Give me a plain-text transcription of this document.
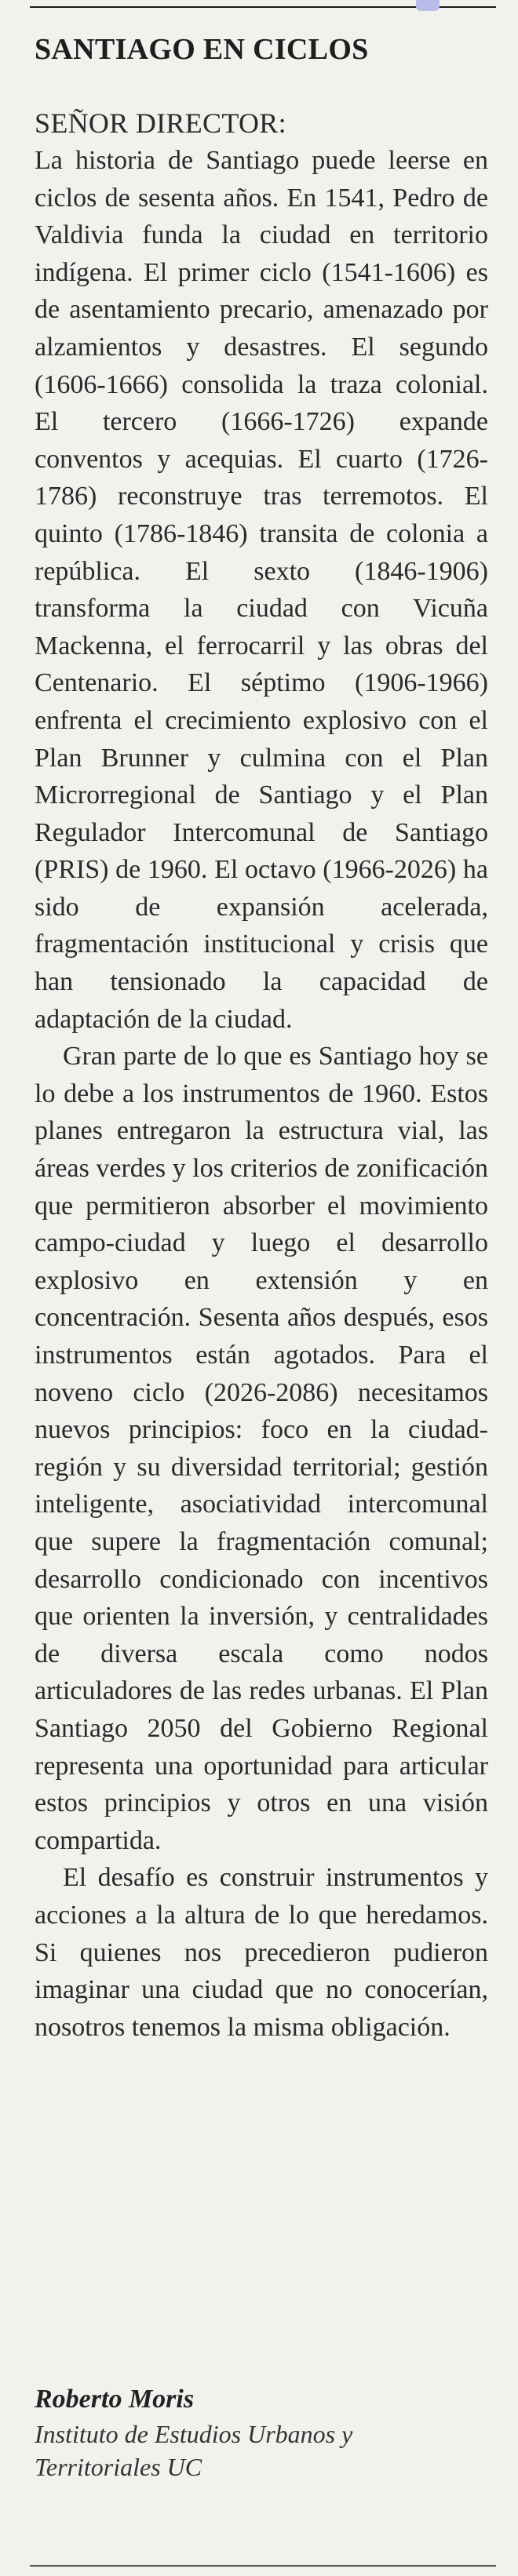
SANTIAGO EN CICLOS
SEÑOR DIRECTOR:

La historia de Santiago puede leerse en ciclos de sesenta años. En 1541, Pedro de Valdivia funda la ciudad en territorio indígena. El primer ciclo (1541-1606) es de asentamiento precario, amenazado por alzamientos y desastres. El segundo (1606-1666) consolida la traza colonial. El tercero (1666-1726) expande conventos y acequias. El cuarto (1726-1786) reconstruye tras terremotos. El quinto (1786-1846) transita de colonia a república. El sexto (1846-1906) transforma la ciudad con Vicuña Mackenna, el ferrocarril y las obras del Centenario. El séptimo (1906-1966) enfrenta el crecimiento explosivo con el Plan Brunner y culmina con el Plan Microrregional de Santiago y el Plan Regulador Intercomunal de Santiago (PRIS) de 1960. El octavo (1966-2026) ha sido de expansión acelerada, fragmentación institucional y crisis que han tensionado la capacidad de adaptación de la ciudad.

Gran parte de lo que es Santiago hoy se lo debe a los instrumentos de 1960. Estos planes entregaron la estructura vial, las áreas verdes y los criterios de zonificación que permitieron absorber el movimiento campo-ciudad y luego el desarrollo explosivo en extensión y en concentración. Sesenta años después, esos instrumentos están agotados. Para el noveno ciclo (2026-2086) necesitamos nuevos principios: foco en la ciudad-región y su diversidad territorial; gestión inteligente, asociatividad intercomunal que supere la fragmentación comunal; desarrollo condicionado con incentivos que orienten la inversión, y centralidades de diversa escala como nodos articuladores de las redes urbanas. El Plan Santiago 2050 del Gobierno Regional representa una oportunidad para articular estos principios y otros en una visión compartida.

El desafío es construir instrumentos y acciones a la altura de lo que heredamos. Si quienes nos precedieron pudieron imaginar una ciudad que no conocerían, nosotros tenemos la misma obligación.

Roberto Moris
Instituto de Estudios Urbanos y
Territoriales UC
